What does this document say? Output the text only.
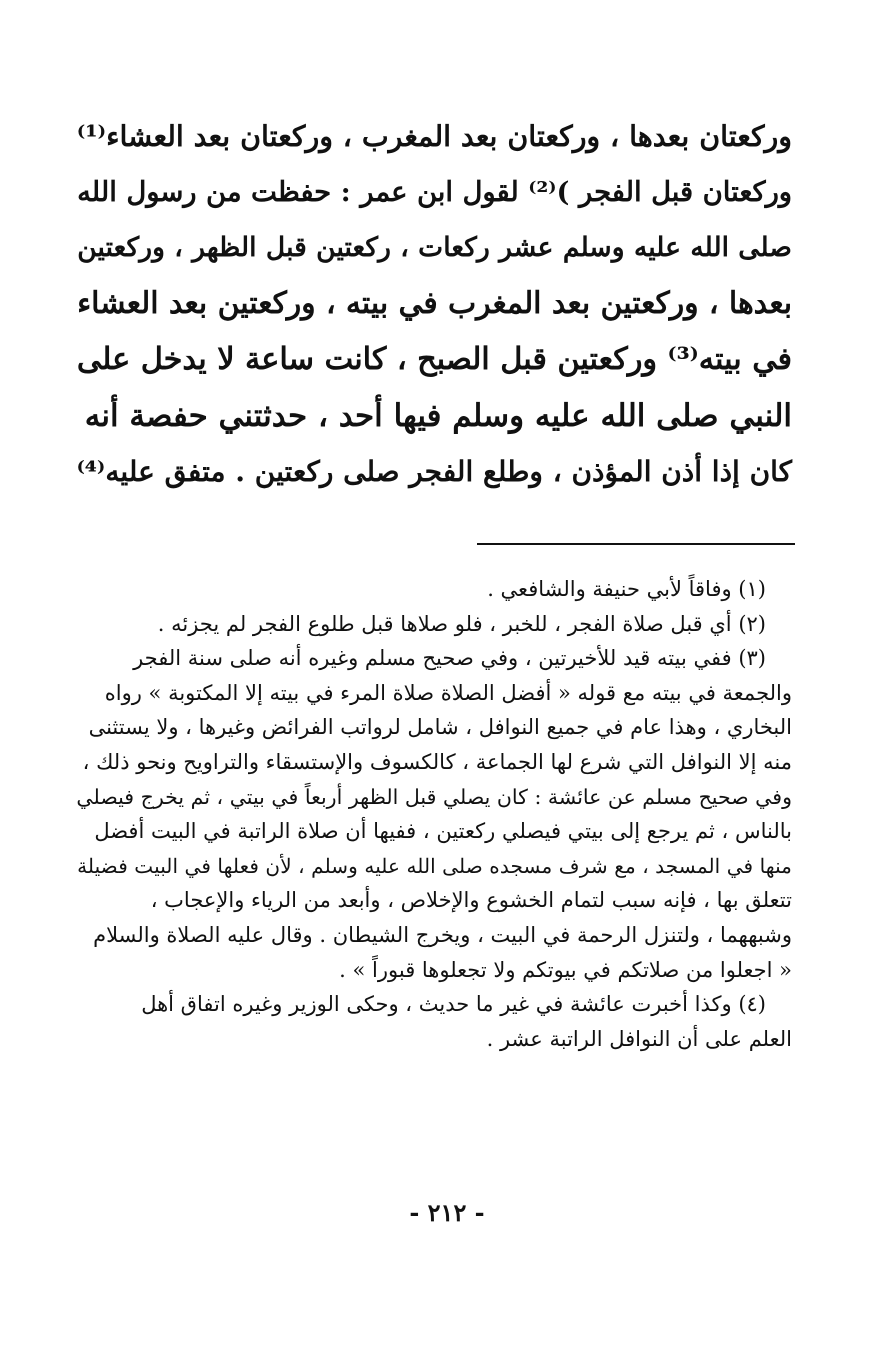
وركعتان بعدها ، وركعتان بعد المغرب ، وركعتان بعد العشاء⁽¹⁾
وركعتان قبل الفجر )⁽²⁾ لقول ابن عمر : حفظت من رسول الله
صلى الله عليه وسلم عشر ركعات ، ركعتين قبل الظهر ، وركعتين
بعدها ، وركعتين بعد المغرب في بيته ، وركعتين بعد العشاء
في بيته⁽³⁾ وركعتين قبل الصبح ، كانت ساعة لا يدخل على
النبي صلى الله عليه وسلم فيها أحد ، حدثتني حفصة أنه
كان إذا أذن المؤذن ، وطلع الفجر صلى ركعتين . متفق عليه⁽⁴⁾
(١) وفاقاً لأبي حنيفة والشافعي .
(٢) أي قبل صلاة الفجر ، للخبر ، فلو صلاها قبل طلوع الفجر لم يجزئه .
(٣) ففي بيته قيد للأخيرتين ، وفي صحيح مسلم وغيره أنه صلى سنة الفجر
والجمعة في بيته مع قوله « أفضل الصلاة صلاة المرء في بيته إلا المكتوبة » رواه
البخاري ، وهذا عام في جميع النوافل ، شامل لرواتب الفرائض وغيرها ، ولا يستثنى
منه إلا النوافل التي شرع لها الجماعة ، كالكسوف والإستسقاء والتراويح ونحو ذلك ،
وفي صحيح مسلم عن عائشة : كان يصلي قبل الظهر أربعاً في بيتي ، ثم يخرج فيصلي
بالناس ، ثم يرجع إلى بيتي فيصلي ركعتين ، ففيها أن صلاة الراتبة في البيت أفضل
منها في المسجد ، مع شرف مسجده صلى الله عليه وسلم ، لأن فعلها في البيت فضيلة
تتعلق بها ، فإنه سبب لتمام الخشوع والإخلاص ، وأبعد من الرياء والإعجاب ،
وشبههما ، ولتنزل الرحمة في البيت ، ويخرج الشيطان . وقال عليه الصلاة والسلام
« اجعلوا من صلاتكم في بيوتكم ولا تجعلوها قبوراً » .
(٤) وكذا أخبرت عائشة في غير ما حديث ، وحكى الوزير وغيره اتفاق أهل
العلم على أن النوافل الراتبة عشر .
- ٢١٢ -
